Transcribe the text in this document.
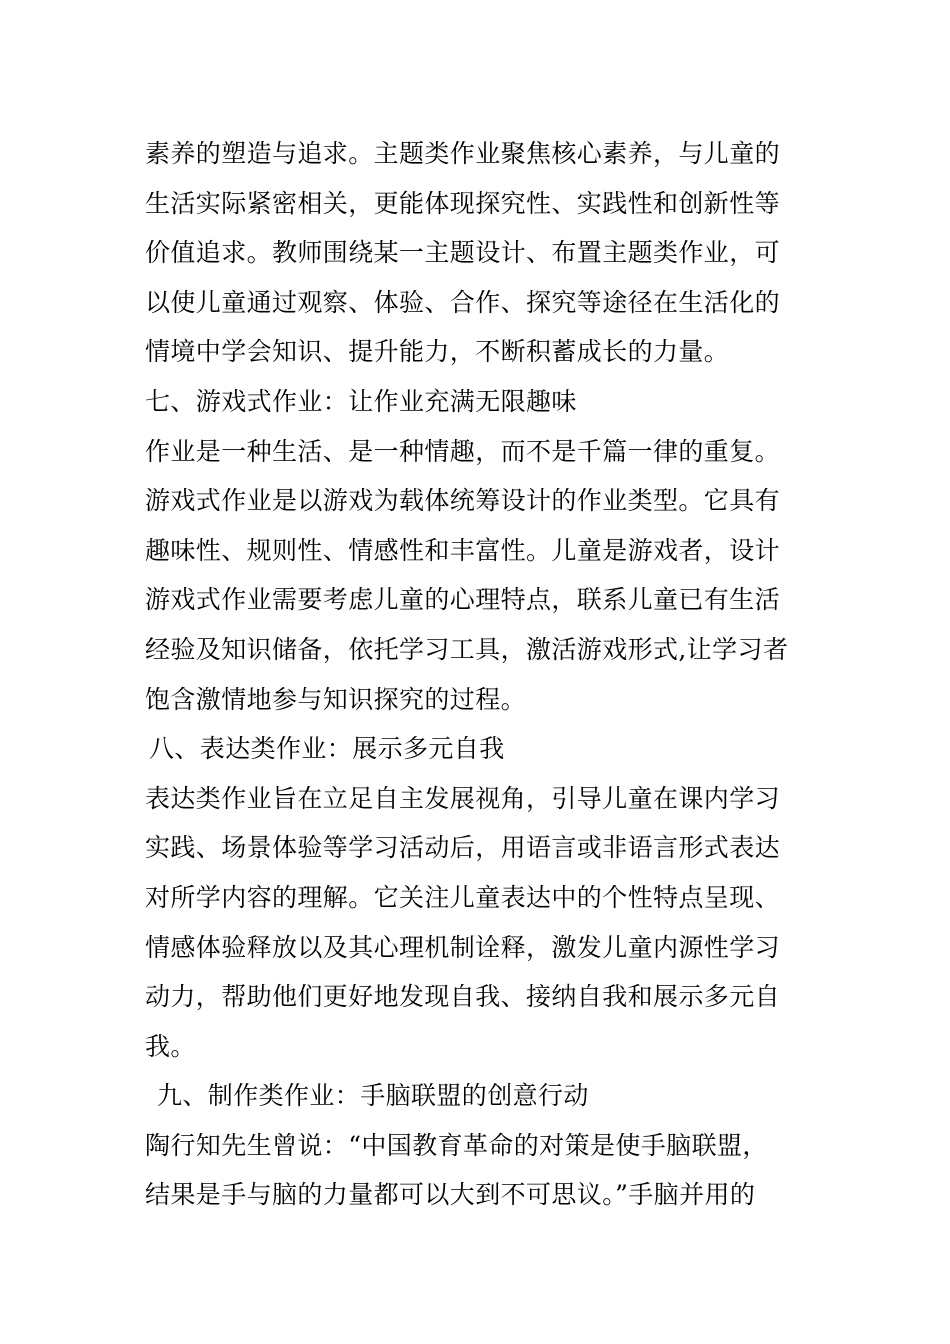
素养的塑造与追求。主题类作业聚焦核心素养，与儿童的
生活实际紧密相关，更能体现探究性、实践性和创新性等
价值追求。教师围绕某一主题设计、布置主题类作业，可
以使儿童通过观察、体验、合作、探究等途径在生活化的
情境中学会知识、提升能力，不断积蓄成长的力量。
七、游戏式作业：让作业充满无限趣味
作业是一种生活、是一种情趣，而不是千篇一律的重复。
游戏式作业是以游戏为载体统筹设计的作业类型。它具有
趣味性、规则性、情感性和丰富性。儿童是游戏者，设计
游戏式作业需要考虑儿童的心理特点，联系儿童已有生活
经验及知识储备，依托学习工具，激活游戏形式,让学习者
饱含激情地参与知识探究的过程。
八、表达类作业：展示多元自我
表达类作业旨在立足自主发展视角，引导儿童在课内学习
实践、场景体验等学习活动后，用语言或非语言形式表达
对所学内容的理解。它关注儿童表达中的个性特点呈现、
情感体验释放以及其心理机制诠释，激发儿童内源性学习
动力，帮助他们更好地发现自我、接纳自我和展示多元自
我。
九、制作类作业：手脑联盟的创意行动
陶行知先生曾说：“中国教育革命的对策是使手脑联盟，
结果是手与脑的力量都可以大到不可思议。”手脑并用的
